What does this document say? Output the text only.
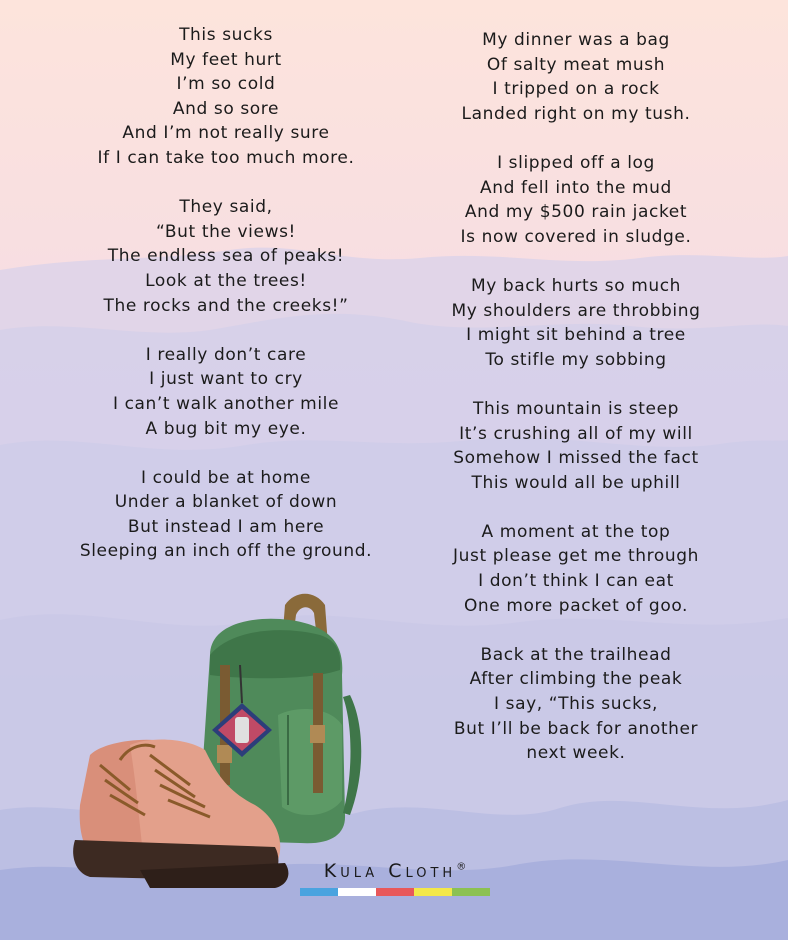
This sucks
My feet hurt
I’m so cold
And so sore
And I’m not really sure
If I can take too much more.
They said,
“But the views!
The endless sea of peaks!
Look at the trees!
The rocks and the creeks!”
I really don’t care
I just want to cry
I can’t walk another mile
A bug bit my eye.
I could be at home
Under a blanket of down
But instead I am here
Sleeping an inch off the ground.
My dinner was a bag
Of salty meat mush
I tripped on a rock
Landed right on my tush.
I slipped off a log
And fell into the mud
And my $500 rain jacket
Is now covered in sludge.
My back hurts so much
My shoulders are throbbing
I might sit behind a tree
To stifle my sobbing
This mountain is steep
It’s crushing all of my will
Somehow I missed the fact
This would all be uphill
A moment at the top
Just please get me through
I don’t think I can eat
One more packet of goo.
Back at the trailhead
After climbing the peak
I say, “This sucks,
But I’ll be back for another
next week.
Kula Cloth®
